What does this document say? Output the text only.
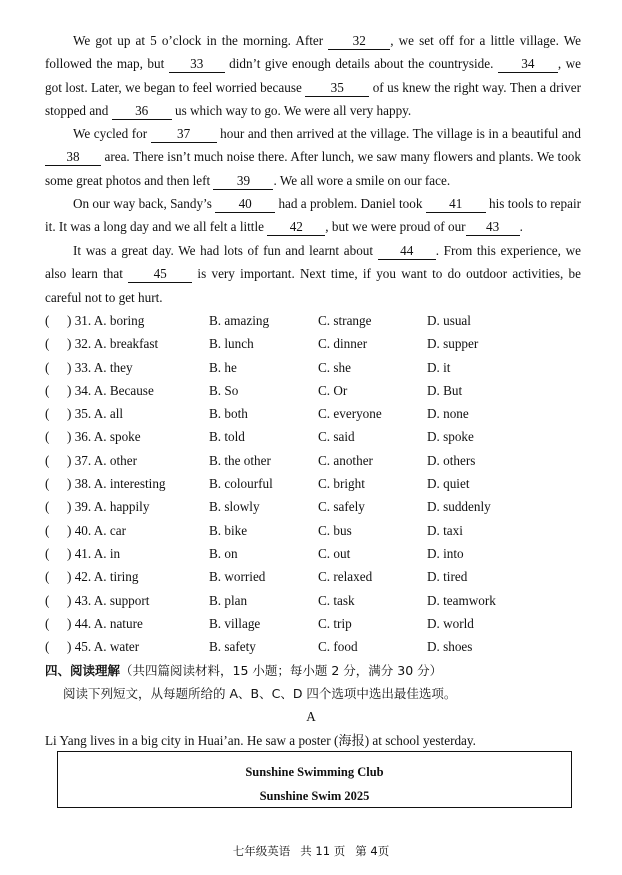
We got up at 5 o’clock in the morning. After 32 , we set off for a little village. We followed the map, but 33 didn’t give enough details about the countryside. 34 , we got lost. Later, we began to feel worried because 35 of us knew the right way. Then a driver stopped and 36 us which way to go. We were all very happy.
We cycled for 37 hour and then arrived at the village. The village is in a beautiful and 38 area. There isn’t much noise there. After lunch, we saw many flowers and plants. We took some great photos and then left 39 . We all wore a smile on our face.
On our way back, Sandy’s 40 had a problem. Daniel took 41 his tools to repair it. It was a long day and we all felt a little 42 , but we were proud of our 43 .
It was a great day. We had lots of fun and learnt about 44 . From this experience, we also learn that 45 is very important. Next time, if you want to do outdoor activities, be careful not to get hurt.
( ) 31. A. boring	B. amazing	C. strange	D. usual
( ) 32. A. breakfast	B. lunch	C. dinner	D. supper
( ) 33. A. they	B. he	C. she	D. it
( ) 34. A. Because	B. So	C. Or	D. But
( ) 35. A. all	B. both	C. everyone	D. none
( ) 36. A. spoke	B. told	C. said	D. spoke
( ) 37. A. other	B. the other	C. another	D. others
( ) 38. A. interesting	B. colourful	C. bright	D. quiet
( ) 39. A. happily	B. slowly	C. safely	D. suddenly
( ) 40. A. car	B. bike	C. bus	D. taxi
( ) 41. A. in	B. on	C. out	D. into
( ) 42. A. tiring	B. worried	C. relaxed	D. tired
( ) 43. A. support	B. plan	C. task	D. teamwork
( ) 44. A. nature	B. village	C. trip	D. world
( ) 45. A. water	B. safety	C. food	D. shoes
四、阅读理解（共四篇阅读材料，15 小题；每小题 2 分，满分 30 分）
阅读下列短文，从每题所给的 A、B、C、D 四个选项中选出最佳选项。
A
Li Yang lives in a big city in Huai’an. He saw a poster (海报) at school yesterday.
Sunshine Swimming Club
Sunshine Swim 2025
七年级英语 共 11 页 第 4页
